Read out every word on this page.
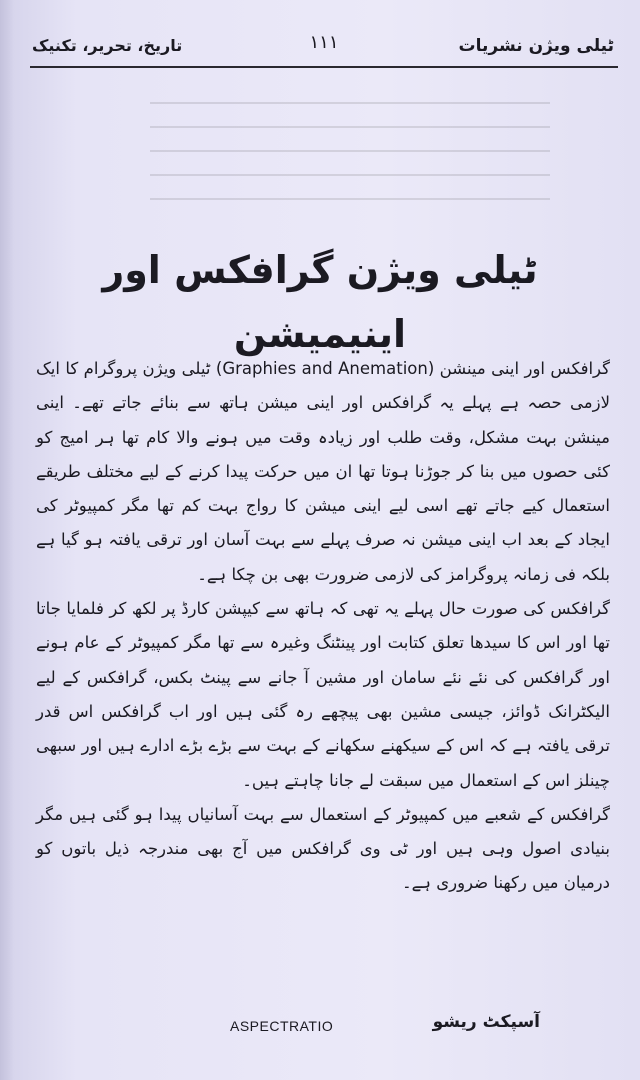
ٹیلی ویژن نشریات
۱۱۱
تاریخ، تحریر، تکنیک
ٹیلی ویژن گرافکس اور اینیمیشن

گرافکس اور اینی مینشن (Graphies and Anemation) ٹیلی ویژن پروگرام کا ایک لازمی حصہ ہے پہلے یہ گرافکس اور اینی میشن ہاتھ سے بنائے جاتے تھے۔ اینی مینشن بہت مشکل، وقت طلب اور زیادہ وقت میں ہونے والا کام تھا ہر امیج کو کئی حصوں میں بنا کر جوڑنا ہوتا تھا ان میں حرکت پیدا کرنے کے لیے مختلف طریقے استعمال کیے جاتے تھے اسی لیے اینی میشن کا رواج بہت کم تھا مگر کمپیوٹر کی ایجاد کے بعد اب اینی میشن نہ صرف پہلے سے بہت آسان اور ترقی یافتہ ہو گیا ہے بلکہ فی زمانہ پروگرامز کی لازمی ضرورت بھی بن چکا ہے۔

گرافکس کی صورت حال پہلے یہ تھی کہ ہاتھ سے کیپشن کارڈ پر لکھ کر فلمایا جاتا تھا اور اس کا سیدھا تعلق کتابت اور پینٹنگ وغیرہ سے تھا مگر کمپیوٹر کے عام ہونے اور گرافکس کی نئے نئے سامان اور مشین آ جانے سے پینٹ بکس، گرافکس کے لیے الیکٹرانک ڈوائز، جیسی مشین بھی پیچھے رہ گئی ہیں اور اب گرافکس اس قدر ترقی یافتہ ہے کہ اس کے سیکھنے سکھانے کے بہت سے بڑے بڑے ادارے ہیں اور سبھی چینلز اس کے استعمال میں سبقت لے جانا چاہتے ہیں۔

گرافکس کے شعبے میں کمپیوٹر کے استعمال سے بہت آسانیاں پیدا ہو گئی ہیں مگر بنیادی اصول وہی ہیں اور ٹی وی گرافکس میں آج بھی مندرجہ ذیل باتوں کو درمیان میں رکھنا ضروری ہے۔

ASPECTRATIO	آسپکٹ ریشو
